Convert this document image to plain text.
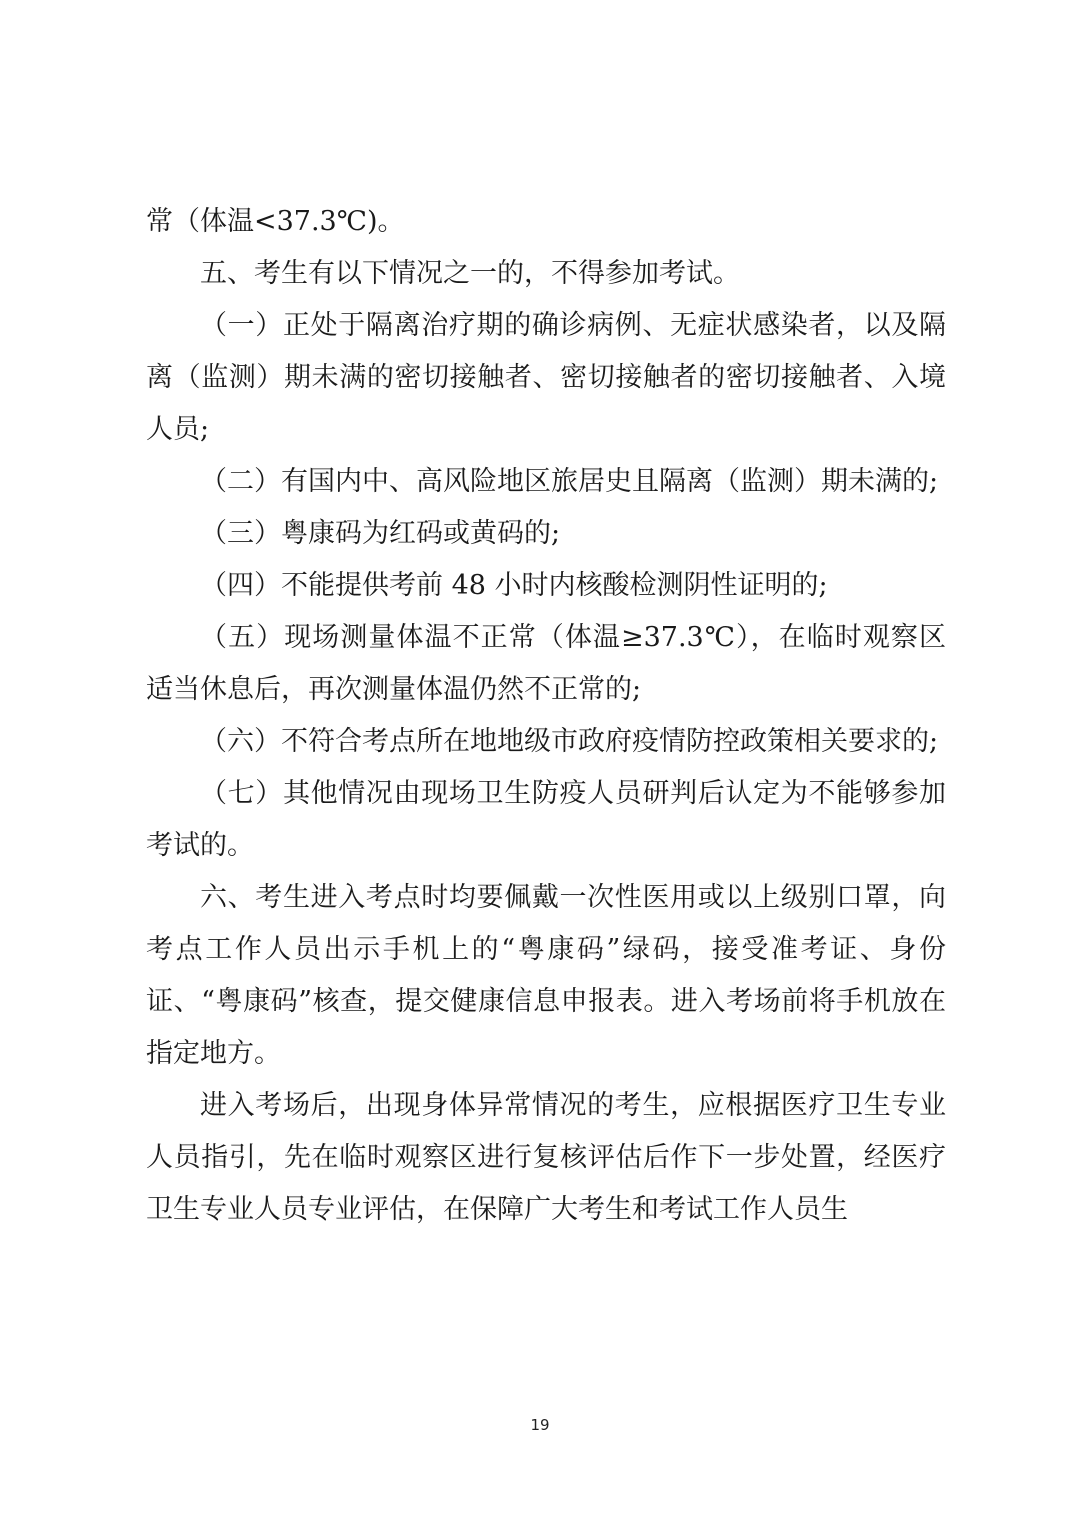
常（体温<37.3℃)。

五、考生有以下情况之一的，不得参加考试。

（一）正处于隔离治疗期的确诊病例、无症状感染者，以及隔离（监测）期未满的密切接触者、密切接触者的密切接触者、入境人员;

（二）有国内中、高风险地区旅居史且隔离（监测）期未满的;

（三）粤康码为红码或黄码的;

（四）不能提供考前 48 小时内核酸检测阴性证明的;

（五）现场测量体温不正常（体温≥37.3℃），在临时观察区适当休息后，再次测量体温仍然不正常的;

（六）不符合考点所在地地级市政府疫情防控政策相关要求的;

（七）其他情况由现场卫生防疫人员研判后认定为不能够参加考试的。

六、考生进入考点时均要佩戴一次性医用或以上级别口罩，向考点工作人员出示手机上的“粤康码”绿码，接受准考证、身份证、“粤康码”核查，提交健康信息申报表。进入考场前将手机放在指定地方。

进入考场后，出现身体异常情况的考生，应根据医疗卫生专业人员指引，先在临时观察区进行复核评估后作下一步处置，经医疗卫生专业人员专业评估，在保障广大考生和考试工作人员生

19
